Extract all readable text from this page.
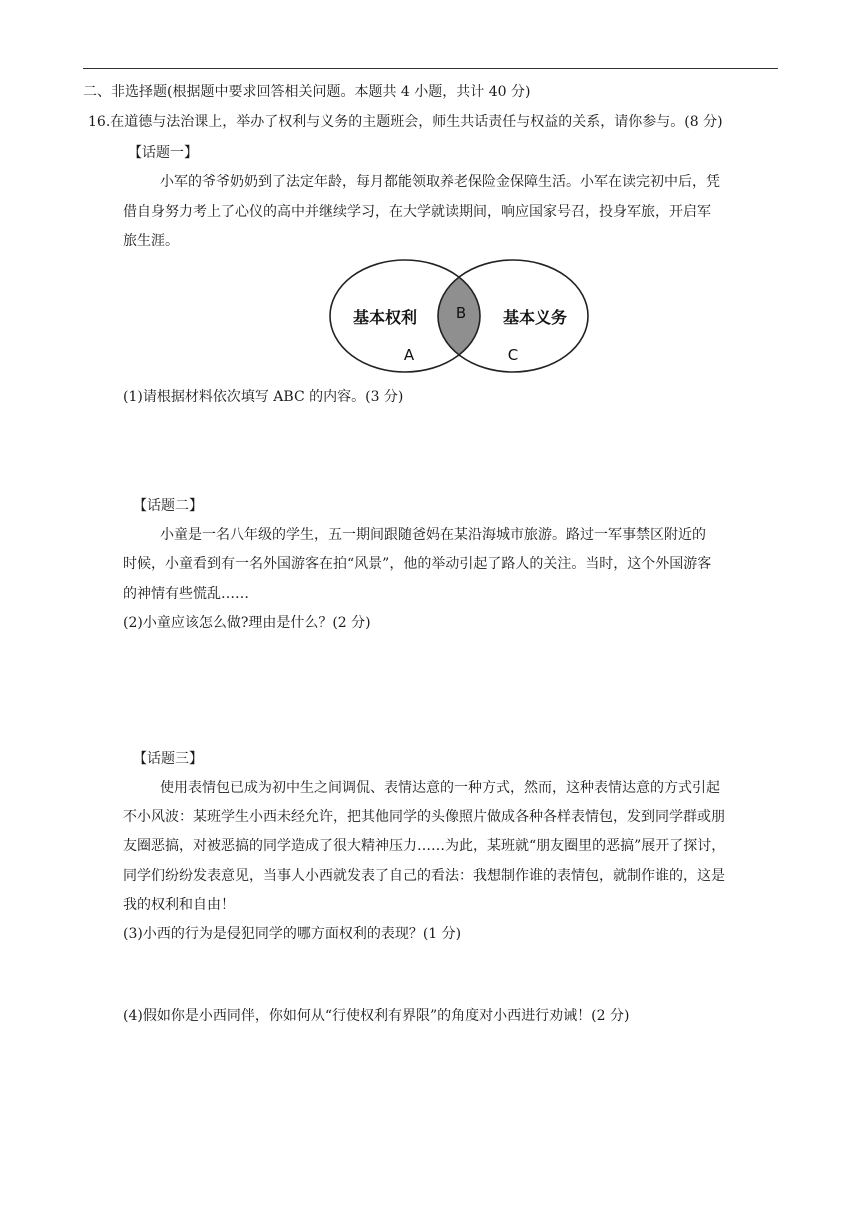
二、非选择题(根据题中要求回答相关问题。本题共 4 小题，共计 40 分)
16.在道德与法治课上，举办了权利与义务的主题班会，师生共话责任与权益的关系，请你参与。(8 分)
【话题一】
小军的爷爷奶奶到了法定年龄，每月都能领取养老保险金保障生活。小军在读完初中后，凭
借自身努力考上了心仪的高中并继续学习，在大学就读期间，响应国家号召，投身军旅，开启军
旅生涯。
基本权利	基本义务
B
A	C
(1)请根据材料依次填写 ABC 的内容。(3 分)
【话题二】
小童是一名八年级的学生，五一期间跟随爸妈在某沿海城市旅游。路过一军事禁区附近的
时候，小童看到有一名外国游客在拍“风景”，他的举动引起了路人的关注。当时，这个外国游客
的神情有些慌乱……
(2)小童应该怎么做?理由是什么？(2 分)
【话题三】
使用表情包已成为初中生之间调侃、表情达意的一种方式，然而，这种表情达意的方式引起
不小风波：某班学生小西未经允许，把其他同学的头像照片做成各种各样表情包，发到同学群或朋
友圈恶搞，对被恶搞的同学造成了很大精神压力……为此，某班就“朋友圈里的恶搞”展开了探讨，
同学们纷纷发表意见，当事人小西就发表了自己的看法：我想制作谁的表情包，就制作谁的，这是
我的权利和自由！
(3)小西的行为是侵犯同学的哪方面权利的表现？(1 分)
(4)假如你是小西同伴，你如何从“行使权利有界限”的角度对小西进行劝诫！(2 分)
